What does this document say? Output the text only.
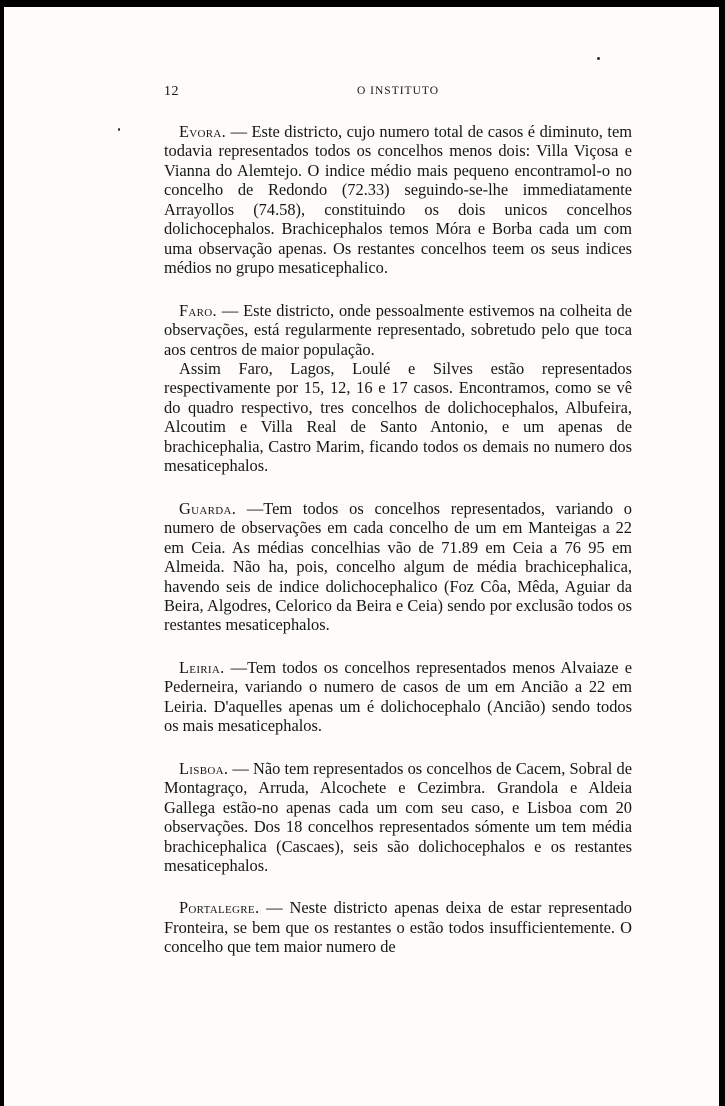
12	O INSTITUTO

Evora. — Este districto, cujo numero total de casos é diminuto, tem todavia representados todos os concelhos menos dois: Villa Viçosa e Vianna do Alemtejo. O indice médio mais pequeno encontramol-o no concelho de Redondo (72.33) seguindo-se-lhe immediatamente Arrayollos (74.58), constituindo os dois unicos concelhos dolichocephalos. Brachicephalos temos Móra e Borba cada um com uma observação apenas. Os restantes concelhos teem os seus indices médios no grupo mesaticephalico.

Faro. — Este districto, onde pessoalmente estivemos na colheita de observações, está regularmente representado, sobretudo pelo que toca aos centros de maior população.

Assim Faro, Lagos, Loulé e Silves estão representados respectivamente por 15, 12, 16 e 17 casos. Encontramos, como se vê do quadro respectivo, tres concelhos de dolichocephalos, Albufeira, Alcoutim e Villa Real de Santo Antonio, e um apenas de brachicephalia, Castro Marim, ficando todos os demais no numero dos mesaticephalos.

Guarda. —Tem todos os concelhos representados, variando o numero de observações em cada concelho de um em Manteigas a 22 em Ceia. As médias concelhias vão de 71.89 em Ceia a 76 95 em Almeida. Não ha, pois, concelho algum de média brachicephalica, havendo seis de indice dolichocephalico (Foz Côa, Mêda, Aguiar da Beira, Algodres, Celorico da Beira e Ceia) sendo por exclusão todos os restantes mesaticephalos.

Leiria. —Tem todos os concelhos representados menos Alvaiaze e Pederneira, variando o numero de casos de um em Ancião a 22 em Leiria. D'aquelles apenas um é dolichocephalo (Ancião) sendo todos os mais mesaticephalos.

Lisboa. — Não tem representados os concelhos de Cacem, Sobral de Montagraço, Arruda, Alcochete e Cezimbra. Grandola e Aldeia Gallega estão-no apenas cada um com seu caso, e Lisboa com 20 observações. Dos 18 concelhos representados sómente um tem média brachicephalica (Cascaes), seis são dolichocephalos e os restantes mesaticephalos.

Portalegre. — Neste districto apenas deixa de estar representado Fronteira, se bem que os restantes o estão todos insufficientemente. O concelho que tem maior numero de
